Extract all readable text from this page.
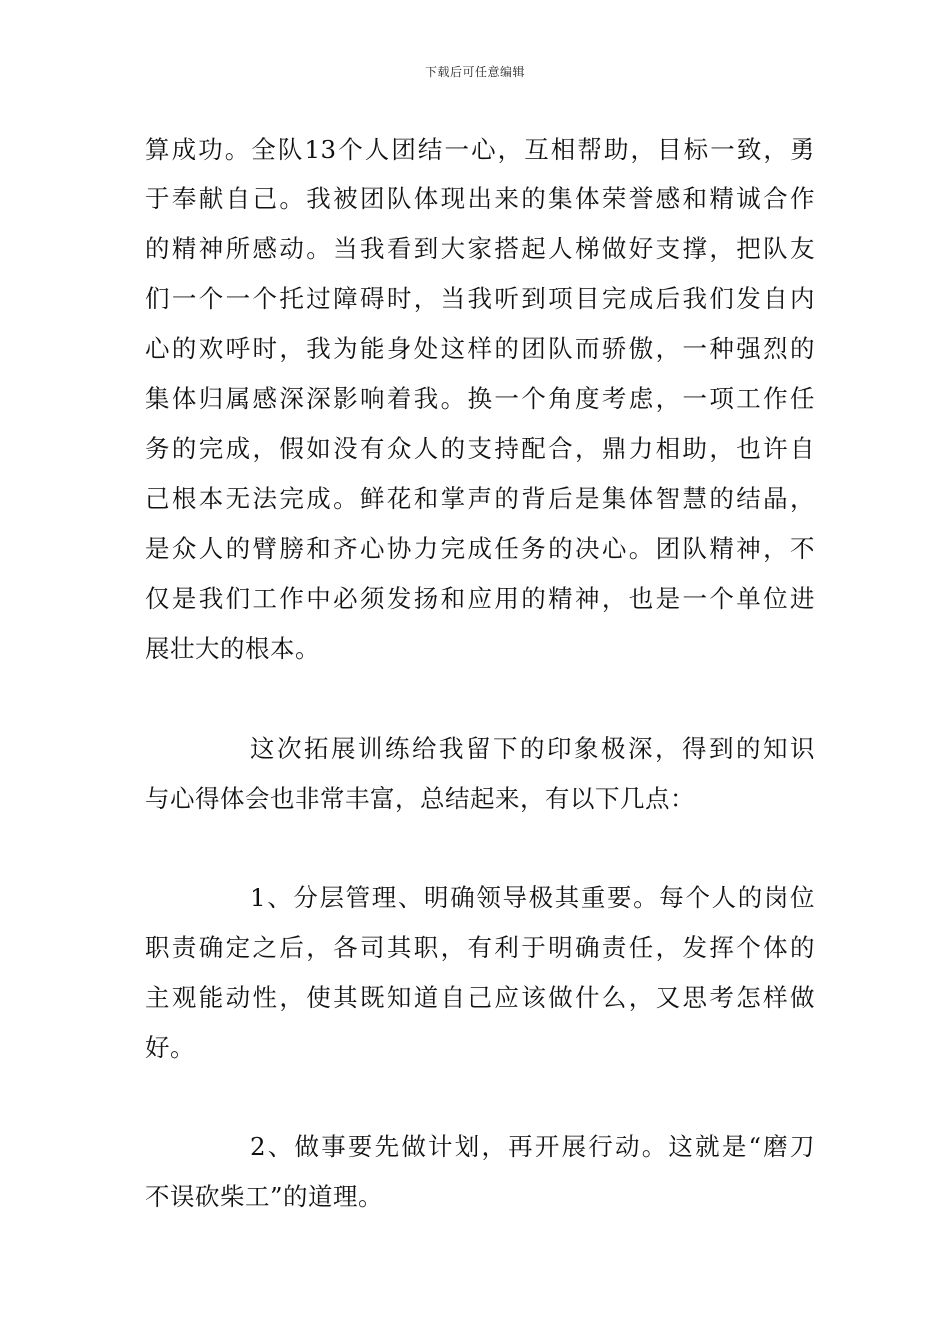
下载后可任意编辑
算成功。全队13个人团结一心，互相帮助，目标一致，勇
于奉献自己。我被团队体现出来的集体荣誉感和精诚合作
的精神所感动。当我看到大家搭起人梯做好支撑，把队友
们一个一个托过障碍时，当我听到项目完成后我们发自内
心的欢呼时，我为能身处这样的团队而骄傲，一种强烈的
集体归属感深深影响着我。换一个角度考虑，一项工作任
务的完成，假如没有众人的支持配合，鼎力相助，也许自
己根本无法完成。鲜花和掌声的背后是集体智慧的结晶，
是众人的臂膀和齐心协力完成任务的决心。团队精神，不
仅是我们工作中必须发扬和应用的精神，也是一个单位进
展壮大的根本。
这次拓展训练给我留下的印象极深，得到的知识
与心得体会也非常丰富，总结起来，有以下几点：
1、分层管理、明确领导极其重要。每个人的岗位
职责确定之后，各司其职，有利于明确责任，发挥个体的
主观能动性，使其既知道自己应该做什么，又思考怎样做
好。
2、做事要先做计划，再开展行动。这就是“磨刀
不误砍柴工”的道理。
